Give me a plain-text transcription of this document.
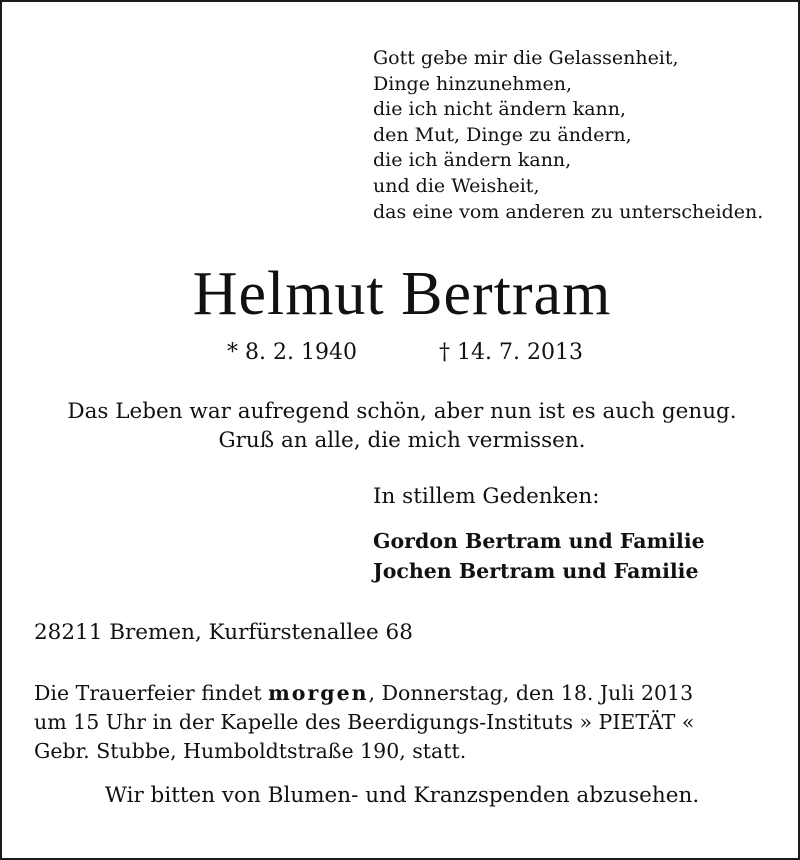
Gott gebe mir die Gelassenheit,
Dinge hinzunehmen,
die ich nicht ändern kann,
den Mut, Dinge zu ändern,
die ich ändern kann,
und die Weisheit,
das eine vom anderen zu unterscheiden.
Helmut Bertram
* 8. 2. 1940	† 14. 7. 2013
Das Leben war aufregend schön, aber nun ist es auch genug.
Gruß an alle, die mich vermissen.
In stillem Gedenken:
Gordon Bertram und Familie
Jochen Bertram und Familie
28211 Bremen, Kurfürstenallee 68
Die Trauerfeier findet morgen, Donnerstag, den 18. Juli 2013
um 15 Uhr in der Kapelle des Beerdigungs-Instituts » PIETÄT «
Gebr. Stubbe, Humboldtstraße 190, statt.
Wir bitten von Blumen- und Kranzspenden abzusehen.
